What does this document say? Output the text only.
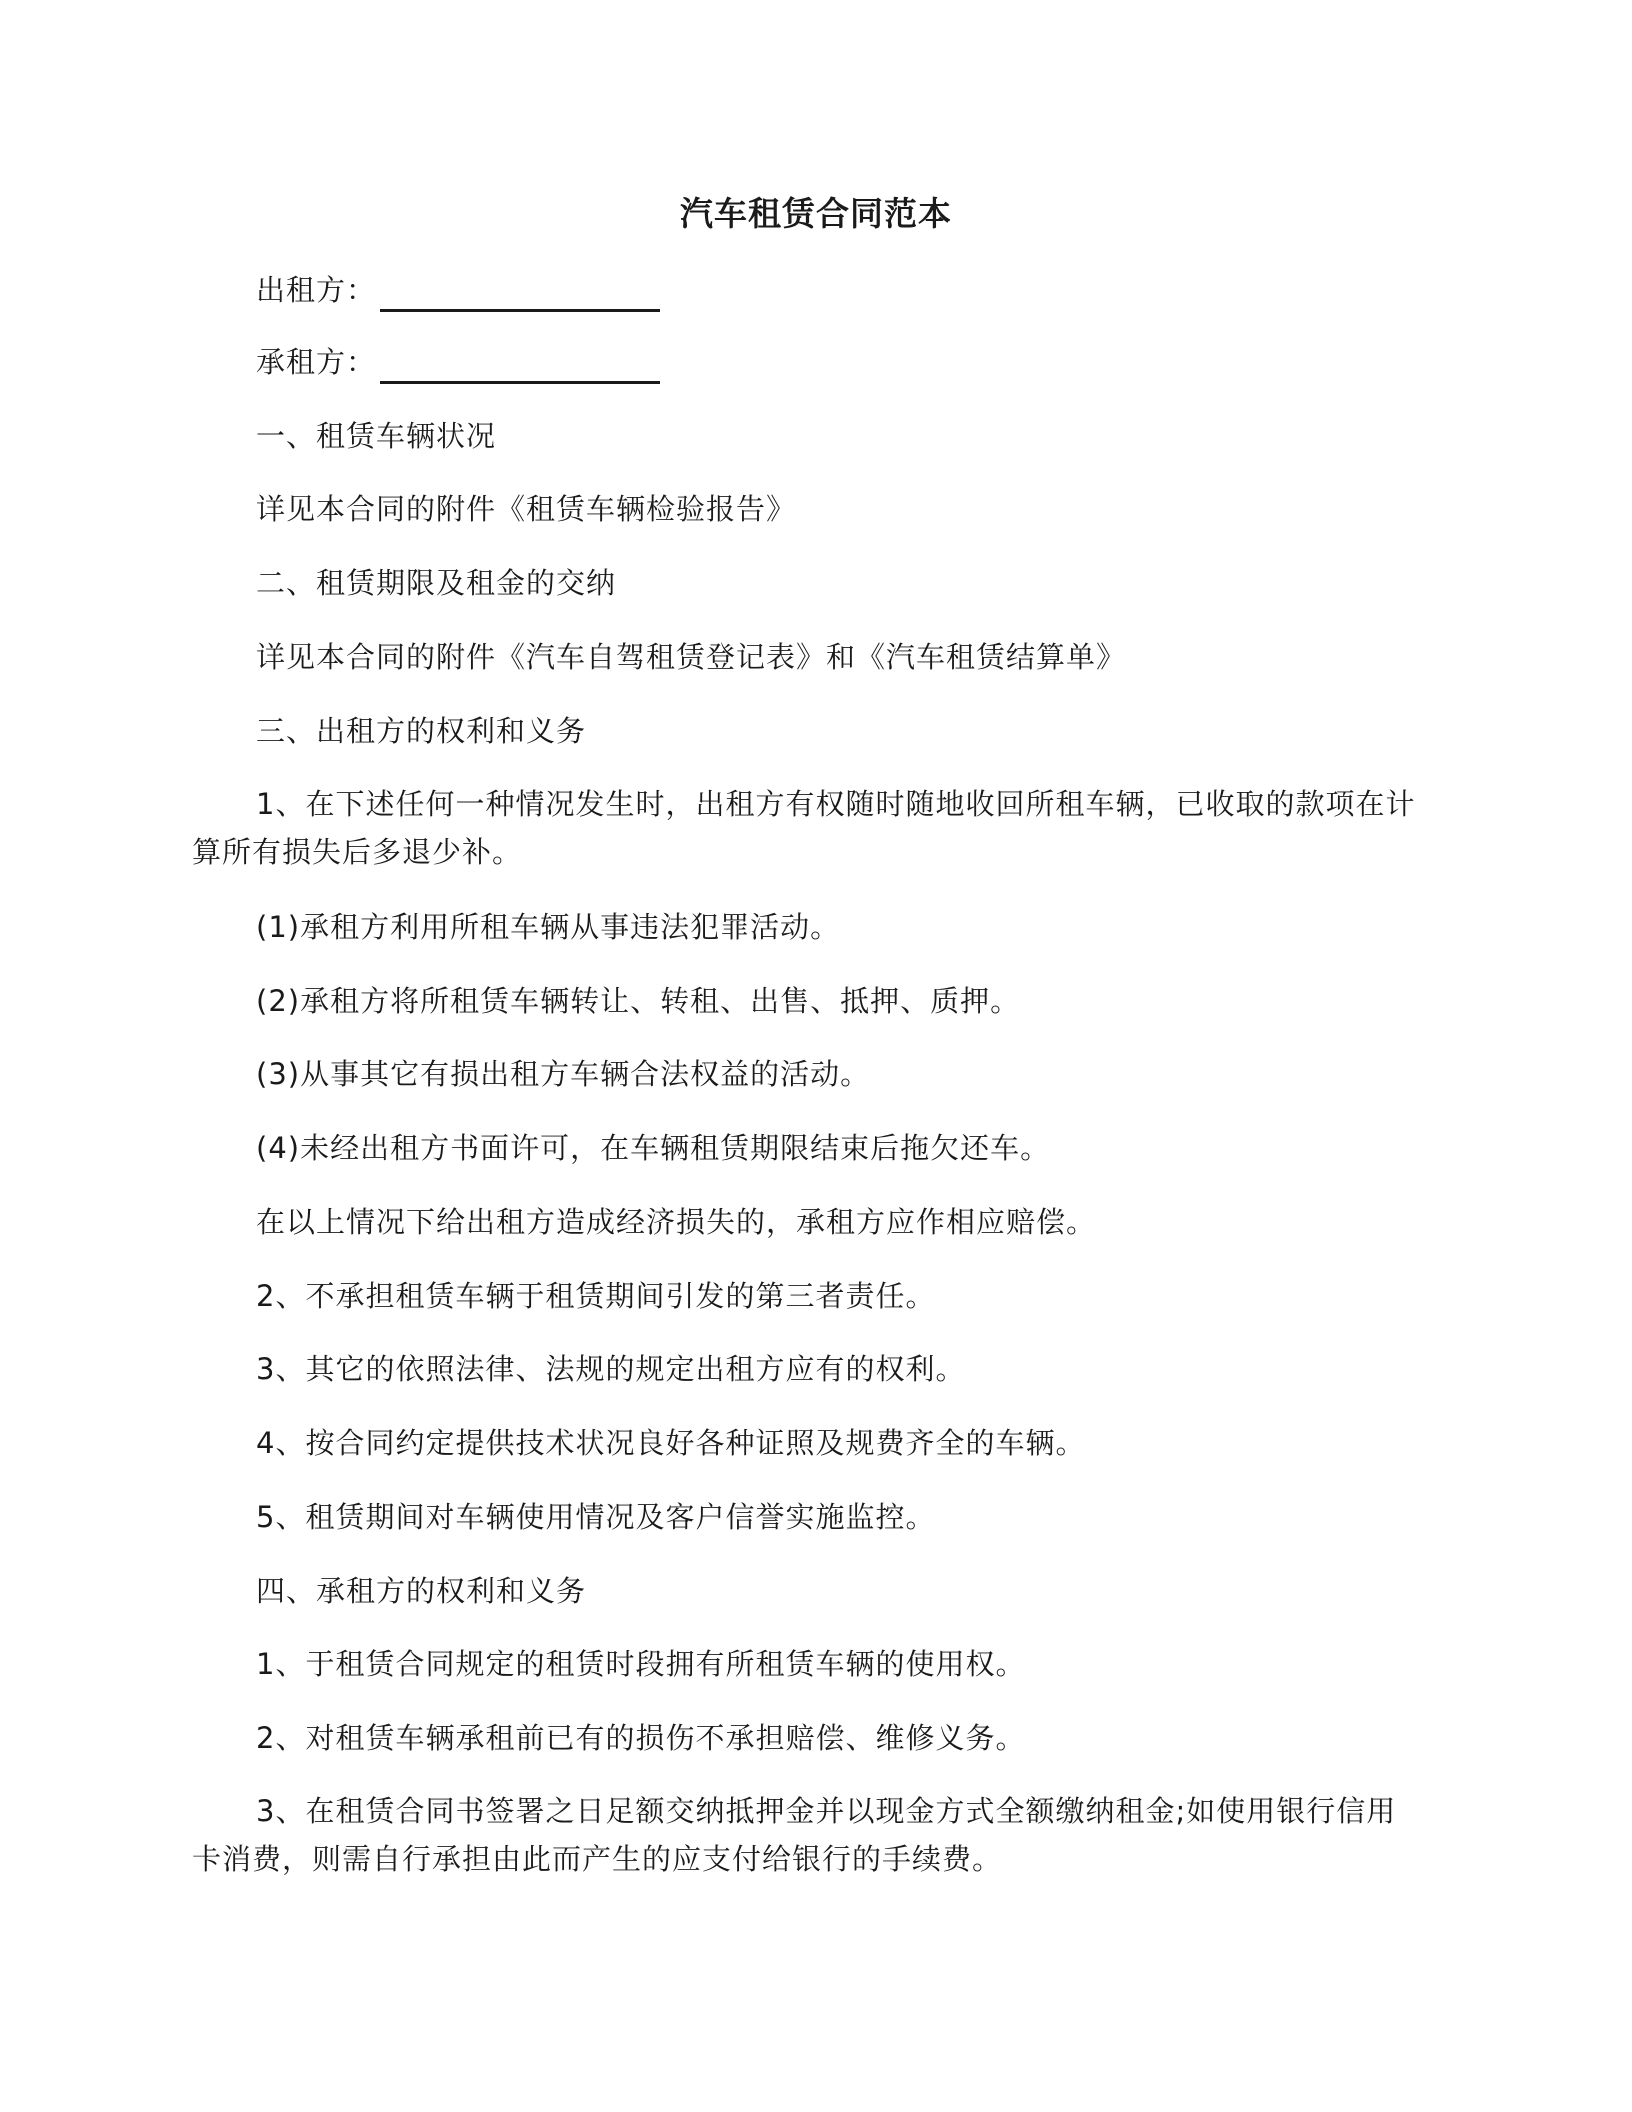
汽车租赁合同范本
出租方：
承租方：
一、租赁车辆状况
详见本合同的附件《租赁车辆检验报告》
二、租赁期限及租金的交纳
详见本合同的附件《汽车自驾租赁登记表》和《汽车租赁结算单》
三、出租方的权利和义务
1、在下述任何一种情况发生时，出租方有权随时随地收回所租车辆，已收取的款项在计算所有损失后多退少补。
(1)承租方利用所租车辆从事违法犯罪活动。
(2)承租方将所租赁车辆转让、转租、出售、抵押、质押。
(3)从事其它有损出租方车辆合法权益的活动。
(4)未经出租方书面许可，在车辆租赁期限结束后拖欠还车。
在以上情况下给出租方造成经济损失的，承租方应作相应赔偿。
2、不承担租赁车辆于租赁期间引发的第三者责任。
3、其它的依照法律、法规的规定出租方应有的权利。
4、按合同约定提供技术状况良好各种证照及规费齐全的车辆。
5、租赁期间对车辆使用情况及客户信誉实施监控。
四、承租方的权利和义务
1、于租赁合同规定的租赁时段拥有所租赁车辆的使用权。
2、对租赁车辆承租前已有的损伤不承担赔偿、维修义务。
3、在租赁合同书签署之日足额交纳抵押金并以现金方式全额缴纳租金;如使用银行信用卡消费，则需自行承担由此而产生的应支付给银行的手续费。
